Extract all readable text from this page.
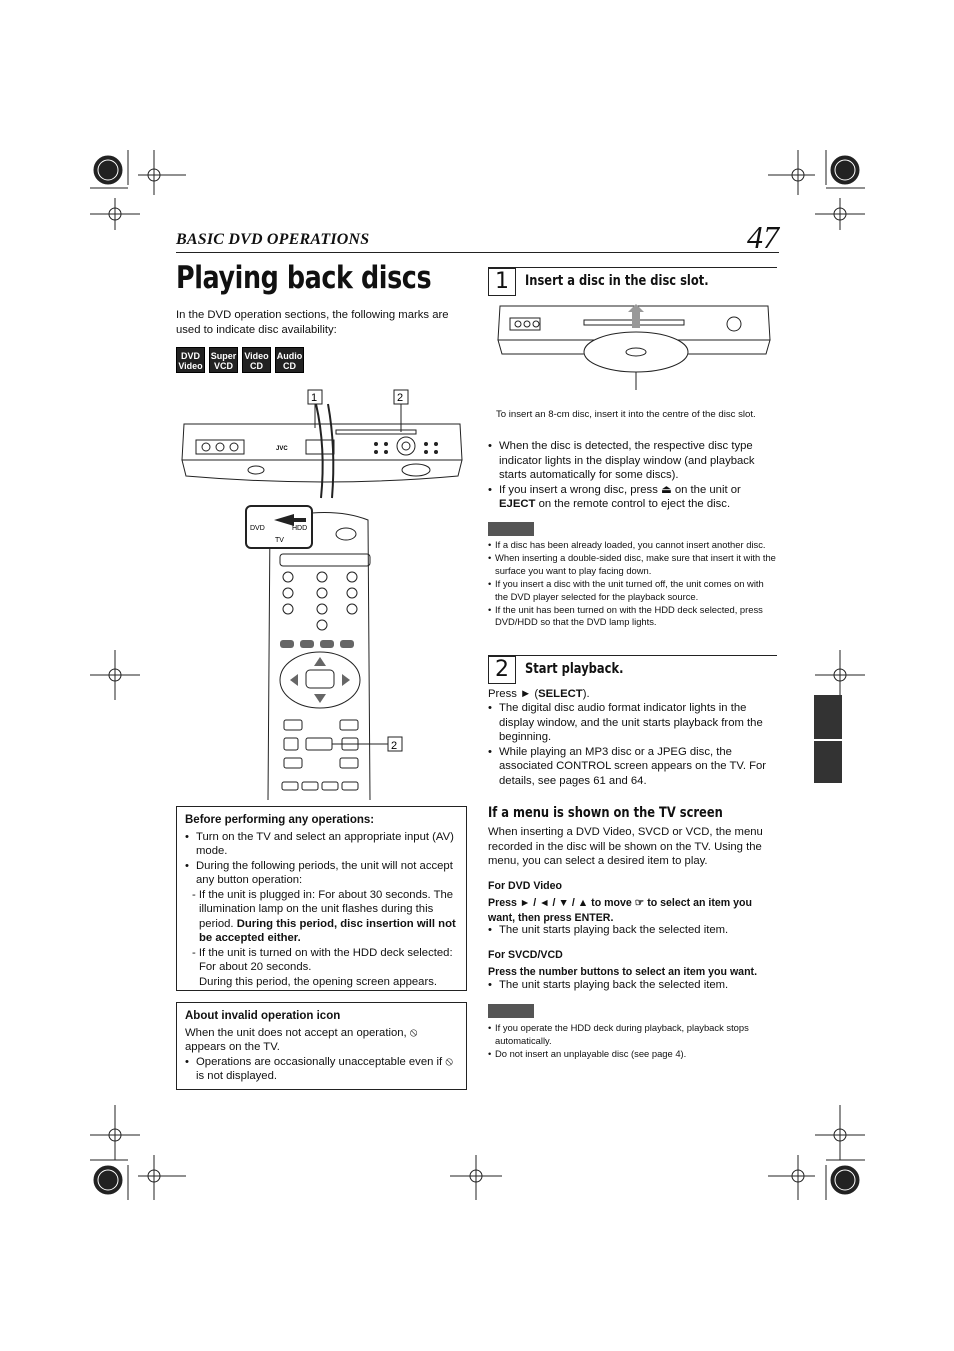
BASIC DVD OPERATIONS	47
Playing back discs
In the DVD operation sections, the following marks are used to indicate disc availability:
DVD
VideoSuper
VCDVideo
CDAudio
CD
1	2
JVC
DVD	HDD
TV
2
Before performing any operations:
• Turn on the TV and select an appropriate input (AV) mode.
• During the following periods, the unit will not accept any button operation:
- If the unit is plugged in: For about 30 seconds. The illumination lamp on the unit flashes during this period. During this period, disc insertion will not be accepted either.
- If the unit is turned on with the HDD deck selected: For about 20 seconds.
During this period, the opening screen appears.
About invalid operation icon
When the unit does not accept an operation, ⦸
appears on the TV.
• Operations are occasionally unacceptable even if ⦸
is not displayed.
1	Insert a disc in the disc slot.
To insert an 8-cm disc, insert it into the centre of the disc slot.
• When the disc is detected, the respective disc type indicator lights in the display window (and playback starts automatically for some discs).
• If you insert a wrong disc, press ⏏ on the unit or EJECT on the remote control to eject the disc.
• If a disc has been already loaded, you cannot insert another disc.
• When inserting a double-sided disc, make sure that insert it with the surface you want to play facing down.
• If you insert a disc with the unit turned off, the unit comes on with the DVD player selected for the playback source.
• If the unit has been turned on with the HDD deck selected, press DVD/HDD so that the DVD lamp lights.
2	Start playback.
Press ► (SELECT).
• The digital disc audio format indicator lights in the display window, and the unit starts playback from the beginning.
• While playing an MP3 disc or a JPEG disc, the associated CONTROL screen appears on the TV. For details, see pages 61 and 64.
If a menu is shown on the TV screen
When inserting a DVD Video, SVCD or VCD, the menu recorded in the disc will be shown on the TV. Using the menu, you can select a desired item to play.
For DVD Video
Press ► / ◄ / ▼ / ▲ to move ☞ to select an item you want, then press ENTER.
• The unit starts playing back the selected item.
For SVCD/VCD
Press the number buttons to select an item you want.
• The unit starts playing back the selected item.
• If you operate the HDD deck during playback, playback stops automatically.
• Do not insert an unplayable disc (see page 4).
